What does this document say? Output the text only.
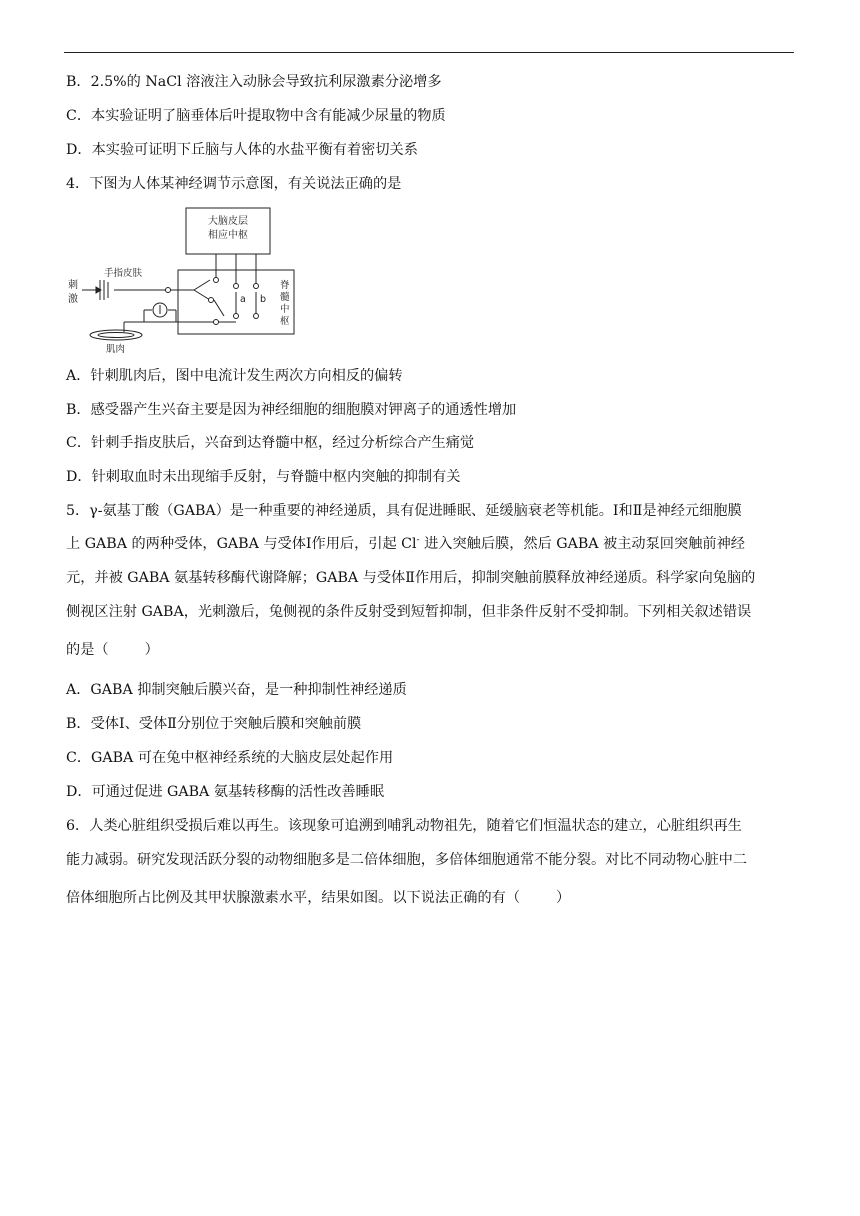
B．2.5%的 NaCl 溶液注入动脉会导致抗利尿激素分泌增多
C．本实验证明了脑垂体后叶提取物中含有能减少尿量的物质
D．本实验可证明下丘脑与人体的水盐平衡有着密切关系
4．下图为人体某神经调节示意图，有关说法正确的是
大脑皮层
相应中枢
手指皮肤
刺
激
肌肉
a b
脊
髓
中
枢
A．针刺肌肉后，图中电流计发生两次方向相反的偏转
B．感受器产生兴奋主要是因为神经细胞的细胞膜对钾离子的通透性增加
C．针刺手指皮肤后，兴奋到达脊髓中枢，经过分析综合产生痛觉
D．针刺取血时未出现缩手反射，与脊髓中枢内突触的抑制有关
5．γ-氨基丁酸（GABA）是一种重要的神经递质，具有促进睡眠、延缓脑衰老等机能。Ⅰ和Ⅱ是神经元细胞膜
上 GABA 的两种受体，GABA 与受体Ⅰ作用后，引起 Cl- 进入突触后膜，然后 GABA 被主动泵回突触前神经
元，并被 GABA 氨基转移酶代谢降解；GABA 与受体Ⅱ作用后，抑制突触前膜释放神经递质。科学家向兔脑的
侧视区注射 GABA，光刺激后，兔侧视的条件反射受到短暂抑制，但非条件反射不受抑制。下列相关叙述错误
的是（	）
A．GABA 抑制突触后膜兴奋，是一种抑制性神经递质
B．受体Ⅰ、受体Ⅱ分别位于突触后膜和突触前膜
C．GABA 可在兔中枢神经系统的大脑皮层处起作用
D．可通过促进 GABA 氨基转移酶的活性改善睡眠
6．人类心脏组织受损后难以再生。该现象可追溯到哺乳动物祖先，随着它们恒温状态的建立，心脏组织再生
能力减弱。研究发现活跃分裂的动物细胞多是二倍体细胞，多倍体细胞通常不能分裂。对比不同动物心脏中二
倍体细胞所占比例及其甲状腺激素水平，结果如图。以下说法正确的有（	）
